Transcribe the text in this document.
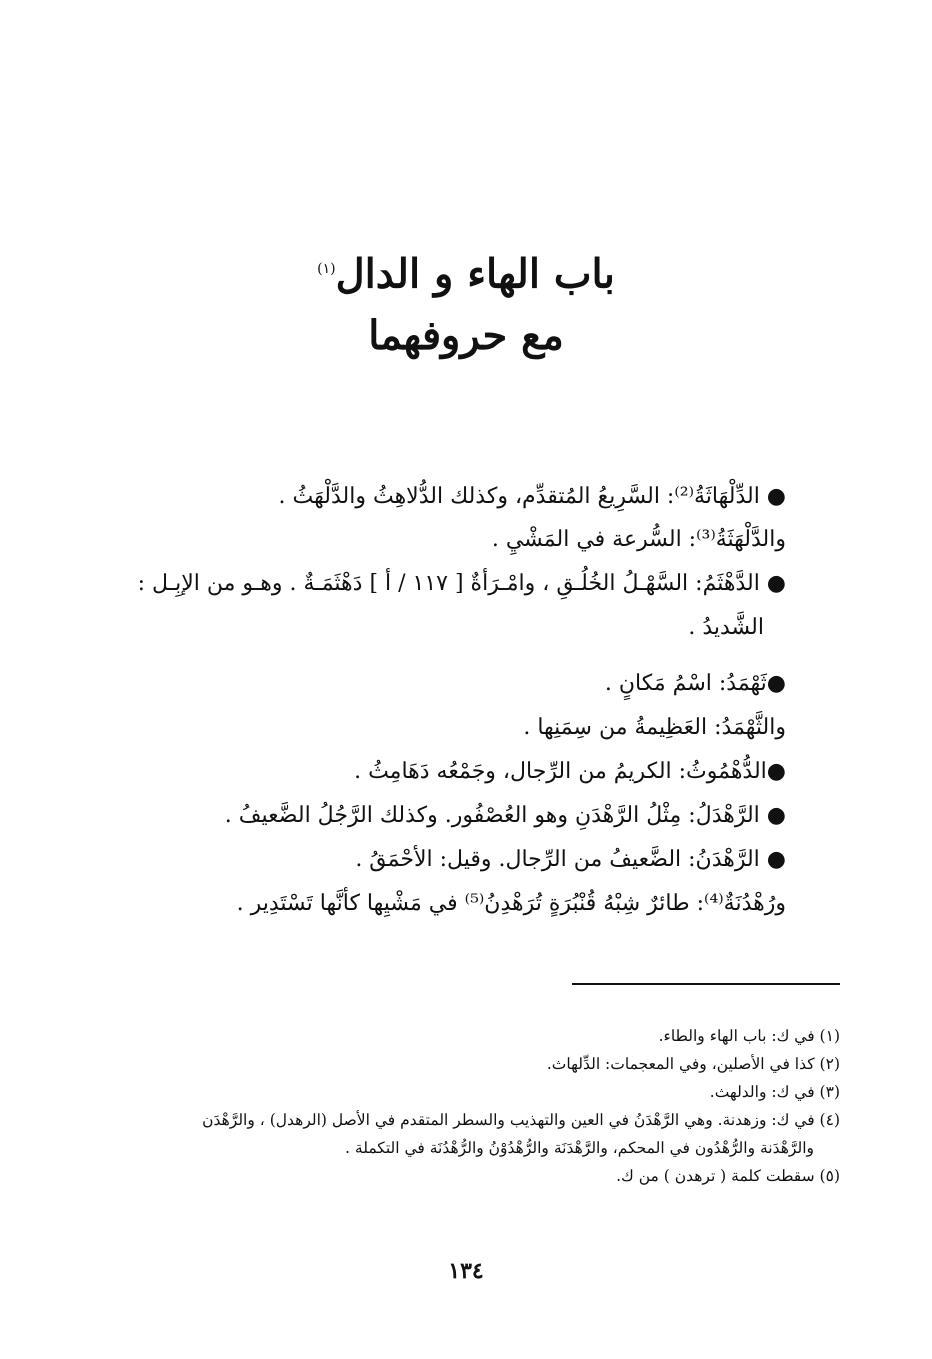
باب الهاء و الدال$^{(١)}$
مع حروفهما

● الدِّلْهَاثَةُ⁽²⁾: السَّرِيعُ المُتقدِّم، وكذلك الدُّلاهِثُ والدَّلْهَثُ .

والدَّلْهَثَةُ⁽³⁾: السُّرعة في المَشْيِ .

● الدَّهْثَمُ: السَّهْـلُ الخُلُـقِ ، وامْـرَأةٌ [ ١١٧ / أ ] دَهْثَمَـةٌ . وهـو من الإبِـل :

الشَّديدُ .

●ثَهْمَدُ: اسْمُ مَكانٍ .

والثَّهْمَدُ: العَظِيمةُ من سِمَنِها .

●الدُّهْمُوثُ: الكريمُ من الرِّجال، وجَمْعُه دَهَامِثُ .

● الرَّهْدَلُ: مِثْلُ الرَّهْدَنِ وهو العُصْفُور. وكذلك الرَّجُلُ الضَّعيفُ .

● الرَّهْدَنُ: الضَّعيفُ من الرِّجال. وقيل: الأحْمَقُ .

ورُهْدُنَةٌ⁽⁴⁾: طائرٌ شِبْهُ قُنْبُرَةٍ تُرَهْدِنُ⁽⁵⁾ في مَشْيِها كأنَّها تَسْتَدِير .

(١) في ك: باب الهاء والطاء.

(٢) كذا في الأصلين، وفي المعجمات: الدِّلهاث.

(٣) في ك: والدلهث.

(٤) في ك: وزهدنة. وهي الرَّهْدَنُ في العين والتهذيب والسطر المتقدم في الأصل (الرهدل) ، والرَّهْدَن

والرَّهْدَنة والرُّهْدُون في المحكم، والرَّهْدَنَة والرُّهْدُوْنُ والرُّهْدُنَة في التكملة .

(٥) سقطت كلمة ( ترهدن ) من ك.

١٣٤
